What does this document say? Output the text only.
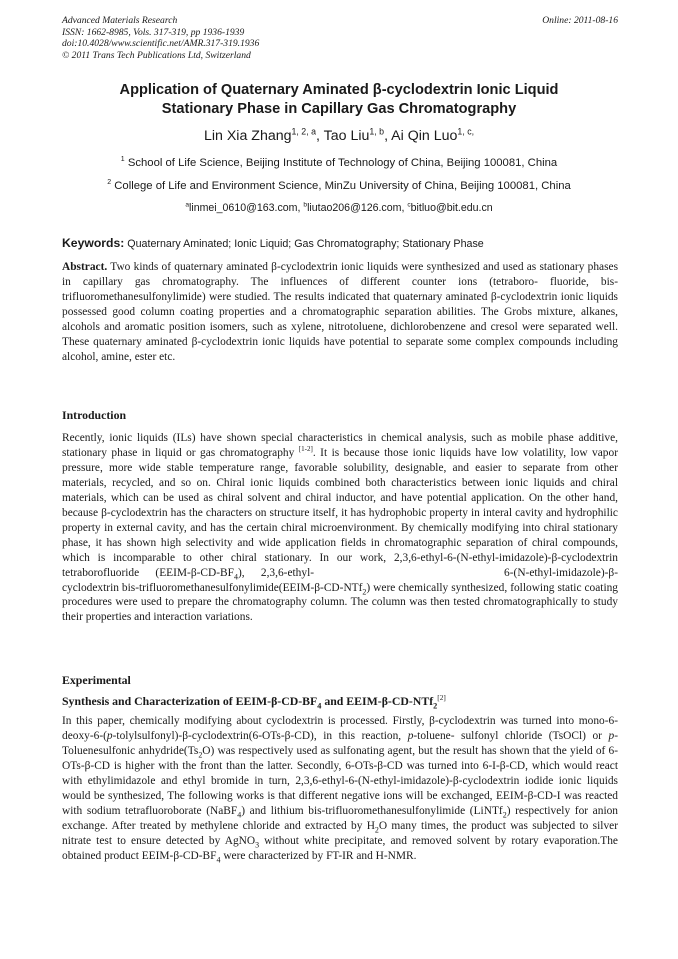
Advanced Materials Research
ISSN: 1662-8985, Vols. 317-319, pp 1936-1939
doi:10.4028/www.scientific.net/AMR.317-319.1936
© 2011 Trans Tech Publications Ltd, Switzerland
Online: 2011-08-16
Application of Quaternary Aminated β-cyclodextrin Ionic Liquid
Stationary Phase in Capillary Gas Chromatography
Lin Xia Zhang$^{1, 2, a}$, Tao Liu$^{1, b}$, Ai Qin Luo$^{1, c,}$
$^1$ School of Life Science, Beijing Institute of Technology of China, Beijing 100081, China
$^2$ College of Life and Environment Science, MinZu University of China, Beijing 100081, China
$^a$linmei_0610@163.com, $^b$liutao206@126.com, $^c$bitluo@bit.edu.cn
Keywords: Quaternary Aminated; Ionic Liquid; Gas Chromatography; Stationary Phase

Abstract. Two kinds of quaternary aminated β-cyclodextrin ionic liquids were synthesized and used as stationary phases in capillary gas chromatography. The influences of different counter ions (tetraboro- fluoride, bis-trifluoromethanesulfonylimide) were studied. The results indicated that quaternary aminated β-cyclodextrin ionic liquids possessed good column coating properties and a chromatographic separation abilities. The Grobs mixture, alkanes, alcohols and aromatic position isomers, such as xylene, nitrotoluene, dichlorobenzene and cresol were separated well. These quaternary aminated β-cyclodextrin ionic liquids have potential to separate some complex compounds including alcohol, amine, ester etc.

Introduction

Recently, ionic liquids (ILs) have shown special characteristics in chemical analysis, such as mobile phase additive, stationary phase in liquid or gas chromatography [1-2]. It is because those ionic liquids have low volatility, low vapor pressure, more wide stable temperature range, favorable solubility, designable, and easier to separate from other materials, recycled, and so on. Chiral ionic liquids combined both characteristics between ionic liquids and chiral materials, which can be used as chiral solvent and chiral inductor, and have potential application. On the other hand, because β-cyclodextrin has the characters on structure itself, it has hydrophobic property in interal cavity and hydrophilic property in external cavity, and has the certain chiral microenvironment. By chemically modifying into chiral stationary phase, it has shown high selectivity and wide application fields in chromatographic separation of chiral compounds, which is incomparable to other chiral stationary. In our work, 2,3,6-ethyl-6-(N-ethyl-imidazole)-β-cyclodextrin tetraborofluoride $(EEIM-\beta-CD-BF_4)$, 2,3,6-ethyl-	6-(N-ethyl-imidazole)-β-cyclodextrin bis-trifluoromethanesulfonylimide(EEIM-β-CD-NTf$_2$) were chemically synthesized, following static coating procedures were used to prepare the chromatography column. The column was then tested chromatographically to study their properties and interaction variations.

Experimental
Synthesis and Characterization of EEIM-$\beta-CD-BF_4$ and EEIM-β-CD-NTf$_2$[2]

In this paper, chemically modifying about cyclodextrin is processed. Firstly, β-cyclodextrin was turned into mono-6-deoxy-6-(p-tolylsulfonyl)-β-cyclodextrin(6-OTs-β-CD), in this reaction, p-toluene- sulfonyl chloride (TsOCl) or p-Toluenesulfonic $anhydride(Ts_2O)$ was respectively used as sulfonating agent, but the result has shown that the yield of 6-OTs-β-CD is higher with the front than the latter. Secondly, 6-OTs-β-CD was turned into 6-I-β-CD, which would react with ethylimidazole and ethyl bromide in turn, 2,3,6-ethyl-6-(N-ethyl-imidazole)-β-cyclodextrin iodide ionic liquids would be synthesized, The following works is that different negative ions will be exchanged, EEIM-β-CD-I was reacted with sodium tetrafluoroborate (NaBF$_4$) and lithium bis-trifluoromethanesulfonylimide (LiNTf$_2$) respectively for anion exchange. After treated by methylene chloride and extracted by $H_2O$ many times, the product was subjected to silver nitrate test to ensure detected by AgNO$_3$ without white precipitate, and removed solvent by rotary evaporation.The obtained product EEIM-$\beta-CD-BF_4$ were characterized by FT-IR and H-NMR.
